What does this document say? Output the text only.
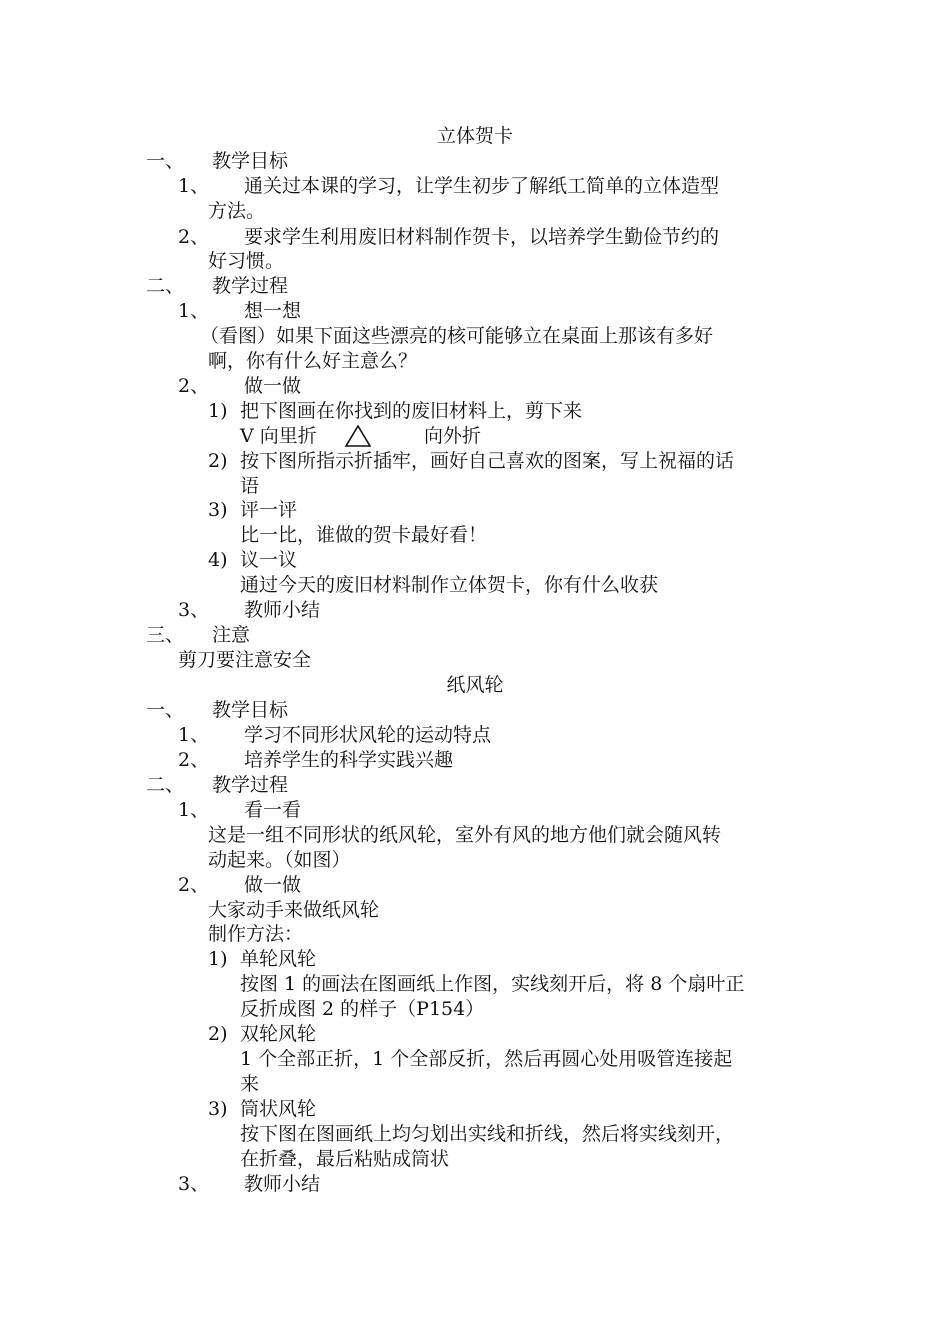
立体贺卡
一、 教学目标
1、 通关过本课的学习，让学生初步了解纸工简单的立体造型
方法。
2、 要求学生利用废旧材料制作贺卡，以培养学生勤俭节约的
好习惯。
二、 教学过程
1、 想一想
（看图）如果下面这些漂亮的核可能够立在桌面上那该有多好
啊，你有什么好主意么？
2、 做一做
1) 把下图画在你找到的废旧材料上，剪下来
V 向里折	向外折
2) 按下图所指示折插牢，画好自己喜欢的图案，写上祝福的话
语
3) 评一评
比一比，谁做的贺卡最好看！
4) 议一议
通过今天的废旧材料制作立体贺卡，你有什么收获
3、 教师小结
三、 注意
剪刀要注意安全
纸风轮
一、 教学目标
1、 学习不同形状风轮的运动特点
2、 培养学生的科学实践兴趣
二、 教学过程
1、 看一看
这是一组不同形状的纸风轮，室外有风的地方他们就会随风转
动起来。（如图）
2、 做一做
大家动手来做纸风轮
制作方法：
1) 单轮风轮
按图 1 的画法在图画纸上作图，实线刻开后，将 8 个扇叶正
反折成图 2 的样子（P154）
2) 双轮风轮
1 个全部正折，1 个全部反折，然后再圆心处用吸管连接起
来
3) 筒状风轮
按下图在图画纸上均匀划出实线和折线，然后将实线刻开，
在折叠，最后粘贴成筒状
3、 教师小结
